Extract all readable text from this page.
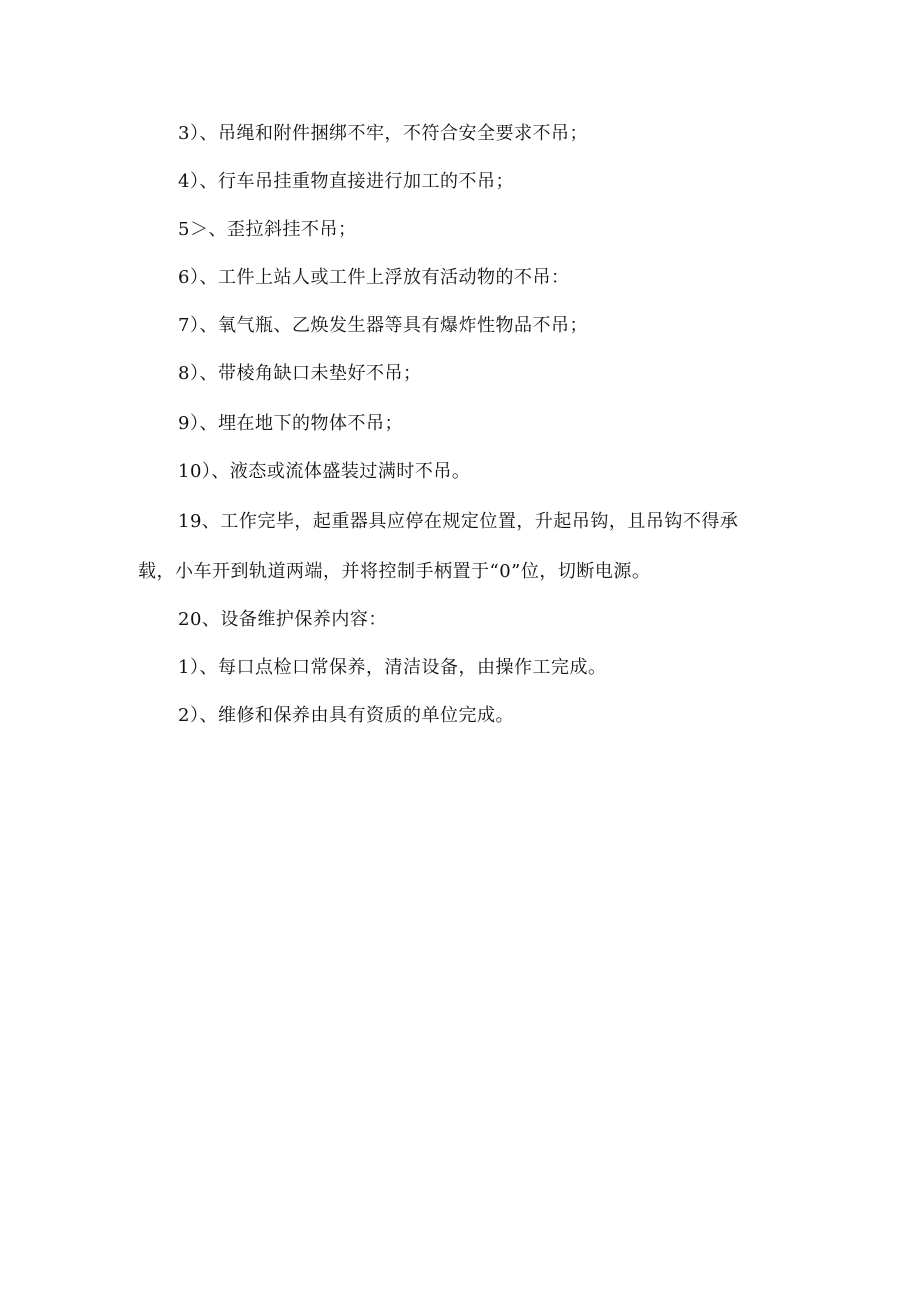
3）、吊绳和附件捆绑不牢，不符合安全要求不吊；
4）、行车吊挂重物直接进行加工的不吊；
5＞、歪拉斜挂不吊；
6）、工件上站人或工件上浮放有活动物的不吊：
7）、氧气瓶、乙焕发生器等具有爆炸性物品不吊；
8）、带棱角缺口未垫好不吊；
9）、埋在地下的物体不吊；
10）、液态或流体盛装过满时不吊。
19、工作完毕，起重器具应停在规定位置，升起吊钩，且吊钩不得承
载，小车开到轨道两端，并将控制手柄置于“0”位，切断电源。
20、设备维护保养内容：
1）、每口点检口常保养，清洁设备，由操作工完成。
2）、维修和保养由具有资质的单位完成。
